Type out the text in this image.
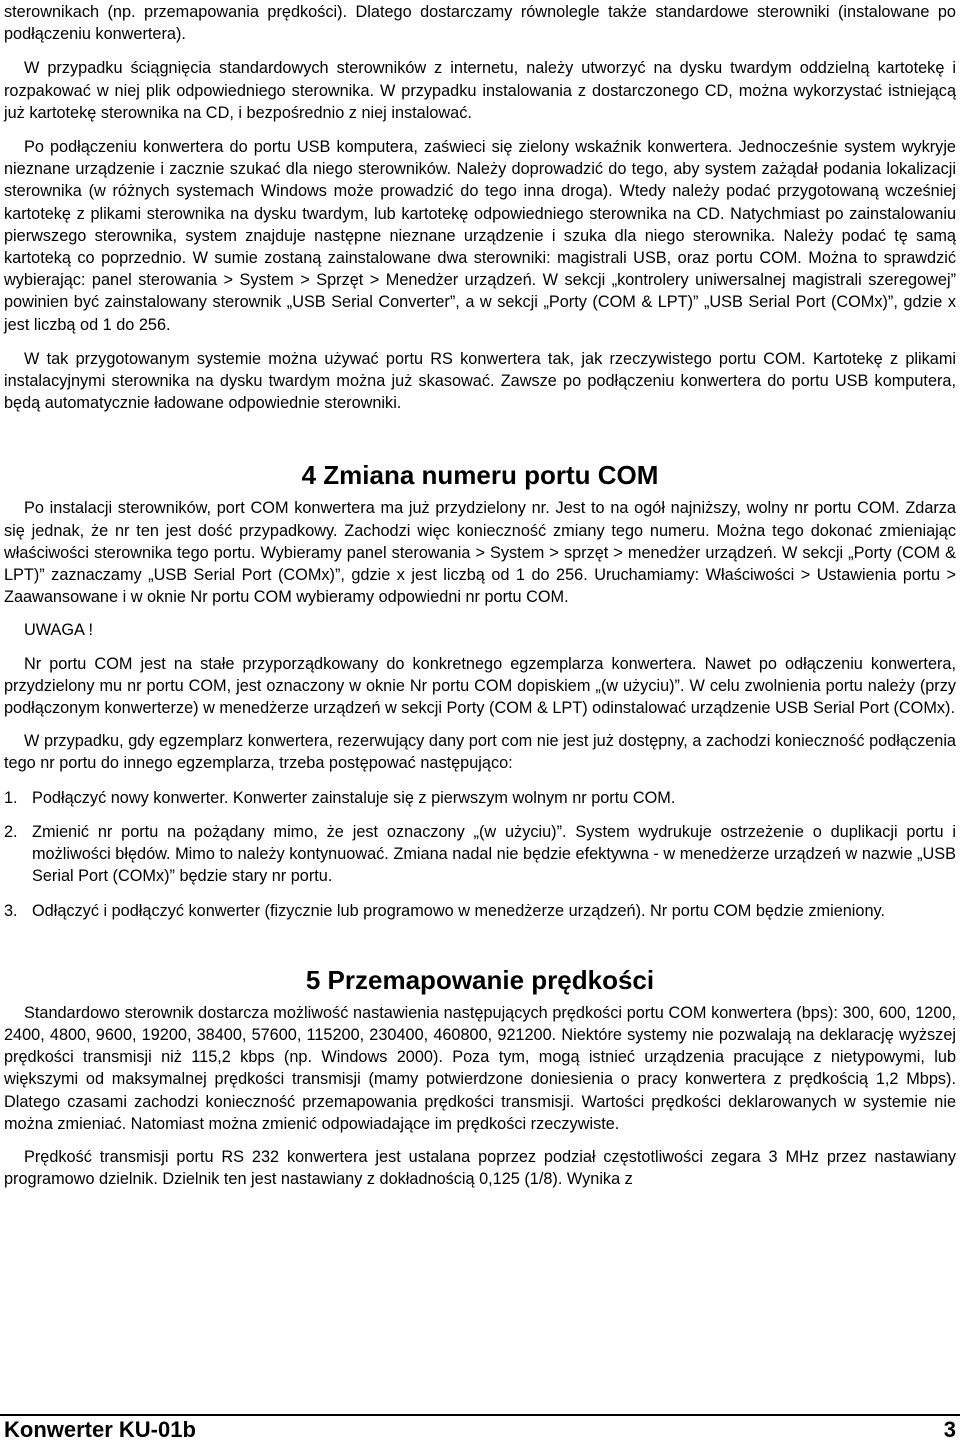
sterownikach (np. przemapowania prędkości). Dlatego dostarczamy równolegle także standardowe sterowniki (instalowane po podłączeniu konwertera).

W przypadku ściągnięcia standardowych sterowników z internetu, należy utworzyć na dysku twardym oddzielną kartotekę i rozpakować w niej plik odpowiedniego sterownika. W przypadku instalowania z dostarczonego CD, można wykorzystać istniejącą już kartotekę sterownika na CD, i bezpośrednio z niej instalować.

Po podłączeniu konwertera do portu USB komputera, zaświeci się zielony wskaźnik konwertera. Jednocześnie system wykryje nieznane urządzenie i zacznie szukać dla niego sterowników. Należy doprowadzić do tego, aby system zażądał podania lokalizacji sterownika (w różnych systemach Windows może prowadzić do tego inna droga). Wtedy należy podać przygotowaną wcześniej kartotekę z plikami sterownika na dysku twardym, lub kartotekę odpowiedniego sterownika na CD. Natychmiast po zainstalowaniu pierwszego sterownika, system znajduje następne nieznane urządzenie i szuka dla niego sterownika. Należy podać tę samą kartoteką co poprzednio. W sumie zostaną zainstalowane dwa sterowniki: magistrali USB, oraz portu COM. Można to sprawdzić wybierając: panel sterowania > System > Sprzęt > Menedżer urządzeń. W sekcji „kontrolery uniwersalnej magistrali szeregowej” powinien być zainstalowany sterownik „USB Serial Converter”, a w sekcji „Porty (COM & LPT)” „USB Serial Port (COMx)”, gdzie x jest liczbą od 1 do 256.

W tak przygotowanym systemie można używać portu RS konwertera tak, jak rzeczywistego portu COM. Kartotekę z plikami instalacyjnymi sterownika na dysku twardym można już skasować. Zawsze po podłączeniu konwertera do portu USB komputera, będą automatycznie ładowane odpowiednie sterowniki.

4 Zmiana numeru portu COM

Po instalacji sterowników, port COM konwertera ma już przydzielony nr. Jest to na ogół najniższy, wolny nr portu COM. Zdarza się jednak, że nr ten jest dość przypadkowy. Zachodzi więc konieczność zmiany tego numeru. Można tego dokonać zmieniając właściwości sterownika tego portu. Wybieramy panel sterowania > System > sprzęt > menedżer urządzeń. W sekcji „Porty (COM & LPT)” zaznaczamy „USB Serial Port (COMx)”, gdzie x jest liczbą od 1 do 256. Uruchamiamy: Właściwości > Ustawienia portu > Zaawansowane i w oknie Nr portu COM wybieramy odpowiedni nr portu COM.

UWAGA !

Nr portu COM jest na stałe przyporządkowany do konkretnego egzemplarza konwertera. Nawet po odłączeniu konwertera, przydzielony mu nr portu COM, jest oznaczony w oknie Nr portu COM dopiskiem „(w użyciu)”. W celu zwolnienia portu należy (przy podłączonym konwerterze) w menedżerze urządzeń w sekcji Porty (COM & LPT) odinstalować urządzenie USB Serial Port (COMx).

W przypadku, gdy egzemplarz konwertera, rezerwujący dany port com nie jest już dostępny, a zachodzi konieczność podłączenia tego nr portu do innego egzemplarza, trzeba postępować następująco:

1. Podłączyć nowy konwerter. Konwerter zainstaluje się z pierwszym wolnym nr portu COM.
2. Zmienić nr portu na pożądany mimo, że jest oznaczony „(w użyciu)”. System wydrukuje ostrzeżenie o duplikacji portu i możliwości błędów. Mimo to należy kontynuować. Zmiana nadal nie będzie efektywna - w menedżerze urządzeń w nazwie „USB Serial Port (COMx)” będzie stary nr portu.
3. Odłączyć i podłączyć konwerter (fizycznie lub programowo w menedżerze urządzeń). Nr portu COM będzie zmieniony.
5 Przemapowanie prędkości

Standardowo sterownik dostarcza możliwość nastawienia następujących prędkości portu COM konwertera (bps): 300, 600, 1200, 2400, 4800, 9600, 19200, 38400, 57600, 115200, 230400, 460800, 921200. Niektóre systemy nie pozwalają na deklarację wyższej prędkości transmisji niż 115,2 kbps (np. Windows 2000). Poza tym, mogą istnieć urządzenia pracujące z nietypowymi, lub większymi od maksymalnej prędkości transmisji (mamy potwierdzone doniesienia o pracy konwertera z prędkością 1,2 Mbps). Dlatego czasami zachodzi konieczność przemapowania prędkości transmisji. Wartości prędkości deklarowanych w systemie nie można zmieniać. Natomiast można zmienić odpowiadające im prędkości rzeczywiste.

Prędkość transmisji portu RS 232 konwertera jest ustalana poprzez podział częstotliwości zegara 3 MHz przez nastawiany programowo dzielnik. Dzielnik ten jest nastawiany z dokładnością 0,125 (1/8). Wynika z

Konwerter KU-01b	3
